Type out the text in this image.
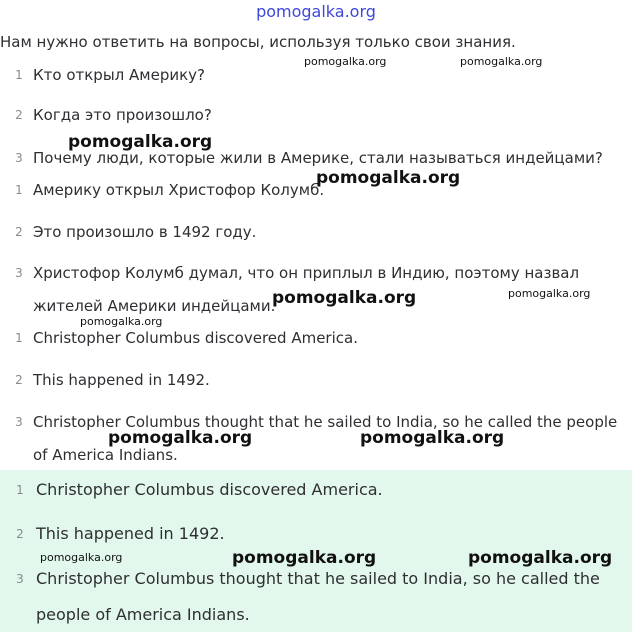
pomogalka.org
Нам нужно ответить на вопросы, используя только свои знания.
1 Кто открыл Америку?
2 Когда это произошло?
3 Почему люди, которые жили в Америке, стали называться индейцами?
1 Америку открыл Христофор Колумб.
2 Это произошло в 1492 году.
3 Христофор Колумб думал, что он приплыл в Индию, поэтому назвал
жителей Америки индейцами.
1 Christopher Columbus discovered America.
2 This happened in 1492.
3 Christopher Columbus thought that he sailed to India, so he called the people
of America Indians.
1 Christopher Columbus discovered America.
2 This happened in 1492.
3 Christopher Columbus thought that he sailed to India, so he called the
people of America Indians.
pomogalka.org	pomogalka.org
pomogalka.org
pomogalka.org
pomogalka.org	pomogalka.org
pomogalka.org
pomogalka.org	pomogalka.org
pomogalka.org	pomogalka.org	pomogalka.org
